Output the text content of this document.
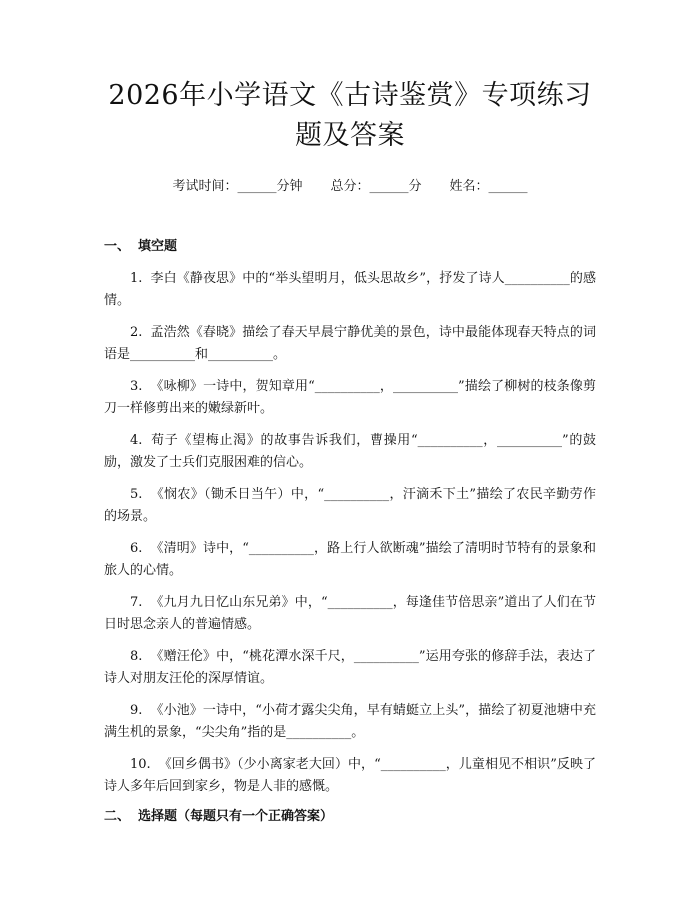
2026年小学语文《古诗鉴赏》专项练习题及答案
考试时间：______分钟 总分：______分 姓名：______
一、 填空题
1. 李白《静夜思》中的“举头望明月，低头思故乡”，抒发了诗人__________的感情。
2. 孟浩然《春晓》描绘了春天早晨宁静优美的景色，诗中最能体现春天特点的词语是__________和__________。
3. 《咏柳》一诗中，贺知章用“__________，__________”描绘了柳树的枝条像剪刀一样修剪出来的嫩绿新叶。
4. 荀子《望梅止渴》的故事告诉我们，曹操用“__________，__________”的鼓励，激发了士兵们克服困难的信心。
5. 《悯农》（锄禾日当午）中，“__________，汗滴禾下土”描绘了农民辛勤劳作的场景。
6. 《清明》诗中，“__________，路上行人欲断魂”描绘了清明时节特有的景象和旅人的心情。
7. 《九月九日忆山东兄弟》中，“__________，每逢佳节倍思亲”道出了人们在节日时思念亲人的普遍情感。
8. 《赠汪伦》中，“桃花潭水深千尺，__________”运用夸张的修辞手法，表达了诗人对朋友汪伦的深厚情谊。
9. 《小池》一诗中，“小荷才露尖尖角，早有蜻蜓立上头”，描绘了初夏池塘中充满生机的景象，“尖尖角”指的是__________。
10. 《回乡偶书》（少小离家老大回）中，“__________，儿童相见不相识”反映了诗人多年后回到家乡，物是人非的感慨。
二、 选择题（每题只有一个正确答案）
